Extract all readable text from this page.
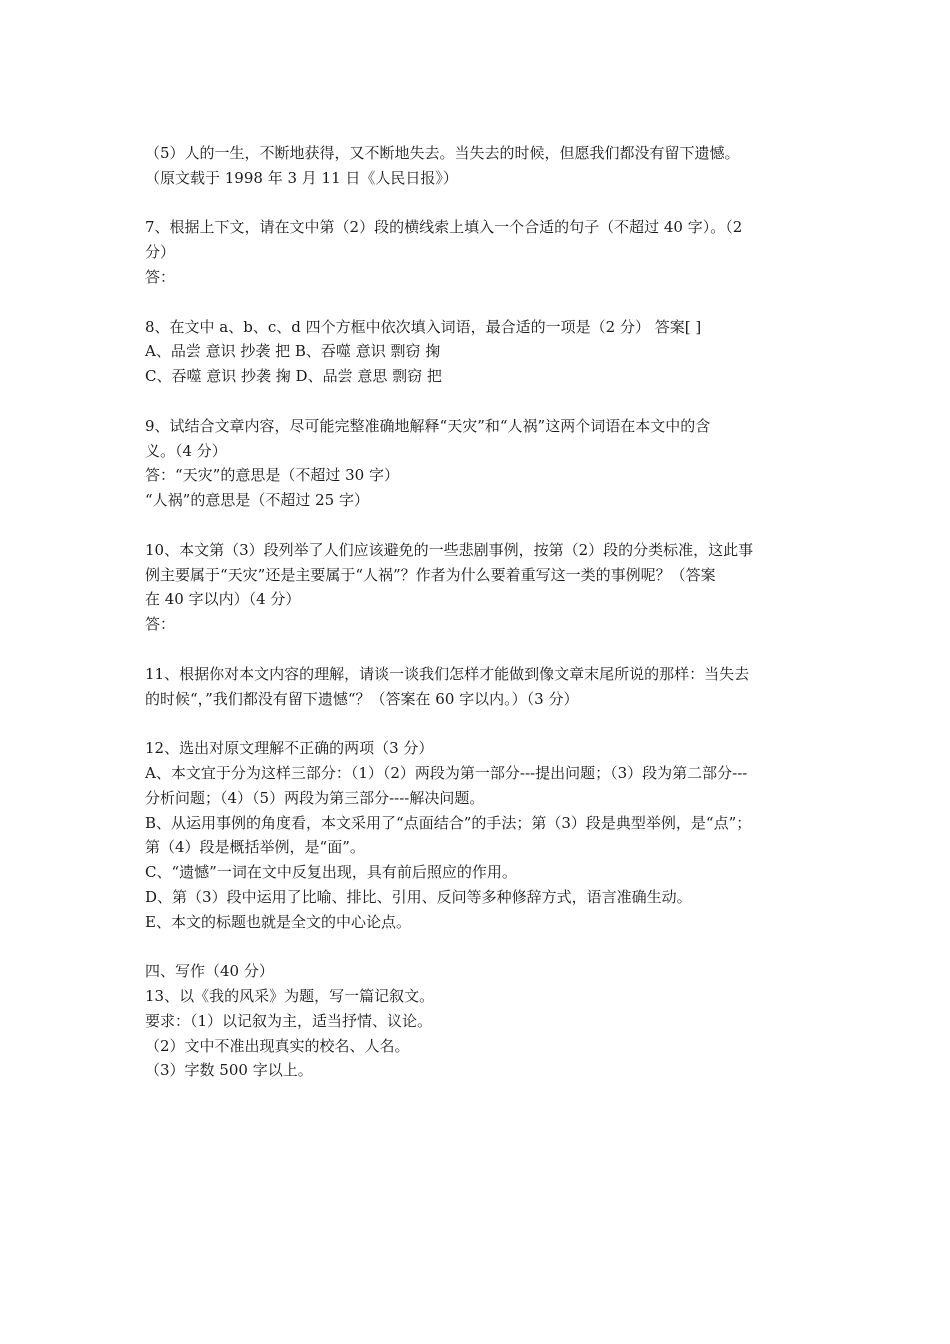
（5）人的一生，不断地获得，又不断地失去。当失去的时候，但愿我们都没有留下遗憾。
（原文载于 1998 年 3 月 11 日《人民日报》）
7、根据上下文，请在文中第（2）段的横线索上填入一个合适的句子（不超过 40 字）。（2
分）
答：
8、在文中 a、b、c、d 四个方框中依次填入词语，最合适的一项是（2 分） 答案[ ]
A、品尝 意识 抄袭 把 B、吞噬 意识 剽窃 掬
C、吞噬 意识 抄袭 掬 D、品尝 意思 剽窃 把
9、试结合文章内容，尽可能完整准确地解释“天灾”和“人祸”这两个词语在本文中的含
义。（4 分）
答：“天灾”的意思是（不超过 30 字）
“人祸”的意思是（不超过 25 字）
10、本文第（3）段列举了人们应该避免的一些悲剧事例，按第（2）段的分类标准，这此事
例主要属于“天灾”还是主要属于“人祸”？作者为什么要着重写这一类的事例呢？（答案
在 40 字以内）（4 分）
答：
11、根据你对本文内容的理解，请谈一谈我们怎样才能做到像文章末尾所说的那样：当失去
的时候“，”我们都没有留下遗憾“？（答案在 60 字以内。）（3 分）
12、选出对原文理解不正确的两项（3 分）
A、本文宜于分为这样三部分：（1）（2）两段为第一部分---提出问题；（3）段为第二部分---
分析问题；（4）（5）两段为第三部分----解决问题。
B、从运用事例的角度看，本文采用了“点面结合”的手法；第（3）段是典型举例，是“点”；
第（4）段是概括举例，是“面”。
C、“遗憾”一词在文中反复出现，具有前后照应的作用。
D、第（3）段中运用了比喻、排比、引用、反问等多种修辞方式，语言准确生动。
E、本文的标题也就是全文的中心论点。
四、写作（40 分）
13、以《我的风采》为题，写一篇记叙文。
要求：（1）以记叙为主，适当抒情、议论。
（2）文中不准出现真实的校名、人名。
（3）字数 500 字以上。
